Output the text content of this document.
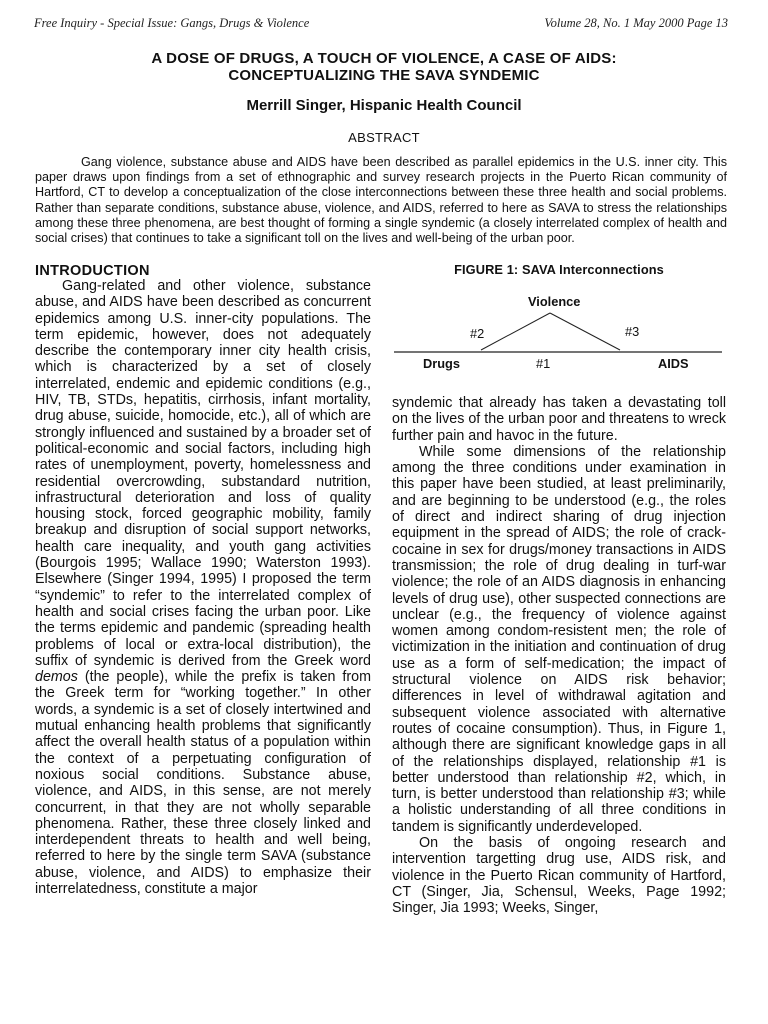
Free Inquiry - Special Issue: Gangs, Drugs & Violence	Volume 28, No. 1 May 2000 Page 13
A DOSE OF DRUGS, A TOUCH OF VIOLENCE, A CASE OF AIDS:
CONCEPTUALIZING THE SAVA SYNDEMIC
Merrill Singer, Hispanic Health Council
ABSTRACT

Gang violence, substance abuse and AIDS have been described as parallel epidemics in the U.S. inner city. This paper draws upon findings from a set of ethnographic and survey research projects in the Puerto Rican community of Hartford, CT to develop a conceptualization of the close interconnections between these three health and social problems. Rather than separate conditions, substance abuse, violence, and AIDS, referred to here as SAVA to stress the relationships among these three phenomena, are best thought of forming a single syndemic (a closely interrelated complex of health and social crises) that continues to take a significant toll on the lives and well-being of the urban poor.

INTRODUCTION

Gang-related and other violence, substance abuse, and AIDS have been described as concurrent epidemics among U.S. inner-city populations. The term epidemic, however, does not adequately describe the contemporary inner city health crisis, which is characterized by a set of closely interrelated, endemic and epidemic conditions (e.g., HIV, TB, STDs, hepatitis, cirrhosis, infant mortality, drug abuse, suicide, homocide, etc.), all of which are strongly influenced and sustained by a broader set of political-economic and social factors, including high rates of unemployment, poverty, homelessness and residential overcrowding, substandard nutrition, infrastructural deterioration and loss of quality housing stock, forced geographic mobility, family breakup and disruption of social support networks, health care inequality, and youth gang activities (Bourgois 1995; Wallace 1990; Waterston 1993). Elsewhere (Singer 1994, 1995) I proposed the term “syndemic” to refer to the interrelated complex of health and social crises facing the urban poor. Like the terms epidemic and pandemic (spreading health problems of local or extra-local distribution), the suffix of syndemic is derived from the Greek word demos (the people), while the prefix is taken from the Greek term for “working together.” In other words, a syndemic is a set of closely intertwined and mutual enhancing health problems that significantly affect the overall health status of a population within the context of a perpetuating configuration of noxious social conditions. Substance abuse, violence, and AIDS, in this sense, are not merely concurrent, in that they are not wholly separable phenomena. Rather, these three closely linked and interdependent threats to health and well being, referred to here by the single term SAVA (substance abuse, violence, and AIDS) to emphasize their interrelatedness, constitute a major

FIGURE 1: SAVA Interconnections
Violence
#2	#3
Drugs	#1	AIDS

syndemic that already has taken a devastating toll on the lives of the urban poor and threatens to wreck further pain and havoc in the future.

While some dimensions of the relationship among the three conditions under examination in this paper have been studied, at least preliminarily, and are beginning to be understood (e.g., the roles of direct and indirect sharing of drug injection equipment in the spread of AIDS; the role of crack-cocaine in sex for drugs/money transactions in AIDS transmission; the role of drug dealing in turf-war violence; the role of an AIDS diagnosis in enhancing levels of drug use), other suspected connections are unclear (e.g., the frequency of violence against women among condom-resistent men; the role of victimization in the initiation and continuation of drug use as a form of self-medication; the impact of structural violence on AIDS risk behavior; differences in level of withdrawal agitation and subsequent violence associated with alternative routes of cocaine consumption). Thus, in Figure 1, although there are significant knowledge gaps in all of the relationships displayed, relationship #1 is better understood than relationship #2, which, in turn, is better understood than relationship #3; while a holistic understanding of all three conditions in tandem is significantly underdeveloped.

On the basis of ongoing research and intervention targetting drug use, AIDS risk, and violence in the Puerto Rican community of Hartford, CT (Singer, Jia, Schensul, Weeks, Page 1992; Singer, Jia 1993; Weeks, Singer,
